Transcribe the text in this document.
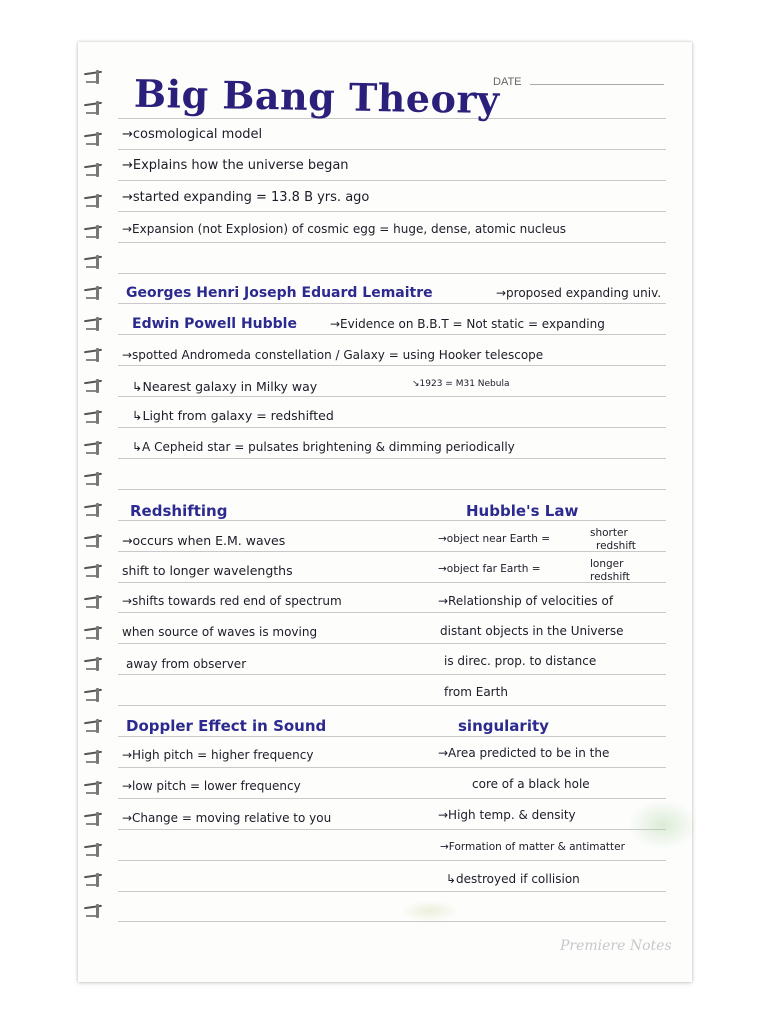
DATE
Big Bang Theory
→cosmological model
→Explains how the universe began
→started expanding = 13.8 B yrs. ago
→Expansion (not Explosion) of cosmic egg = huge, dense, atomic nucleus
Georges Henri Joseph Eduard Lemaitre	→proposed expanding univ.
Edwin Powell Hubble	→Evidence on B.B.T = Not static = expanding
→spotted Andromeda constellation / Galaxy = using Hooker telescope
↳Nearest galaxy in Milky way	↘1923 = M31 Nebula
↳Light from galaxy = redshifted
↳A Cepheid star = pulsates brightening & dimming periodically
Redshifting
→occurs when E.M. waves
shift to longer wavelengths
→shifts towards red end of spectrum
when source of waves is moving
away from observer
Hubble's Law
→object near Earth =	shorter
redshift
→object far Earth =	longer
redshift
→Relationship of velocities of
distant objects in the Universe
is direc. prop. to distance
from Earth
Doppler Effect in Sound
→High pitch = higher frequency
→low pitch = lower frequency
→Change = moving relative to you
singularity
→Area predicted to be in the
core of a black hole
→High temp. & density
→Formation of matter & antimatter
↳destroyed if collision
Premiere Notes
